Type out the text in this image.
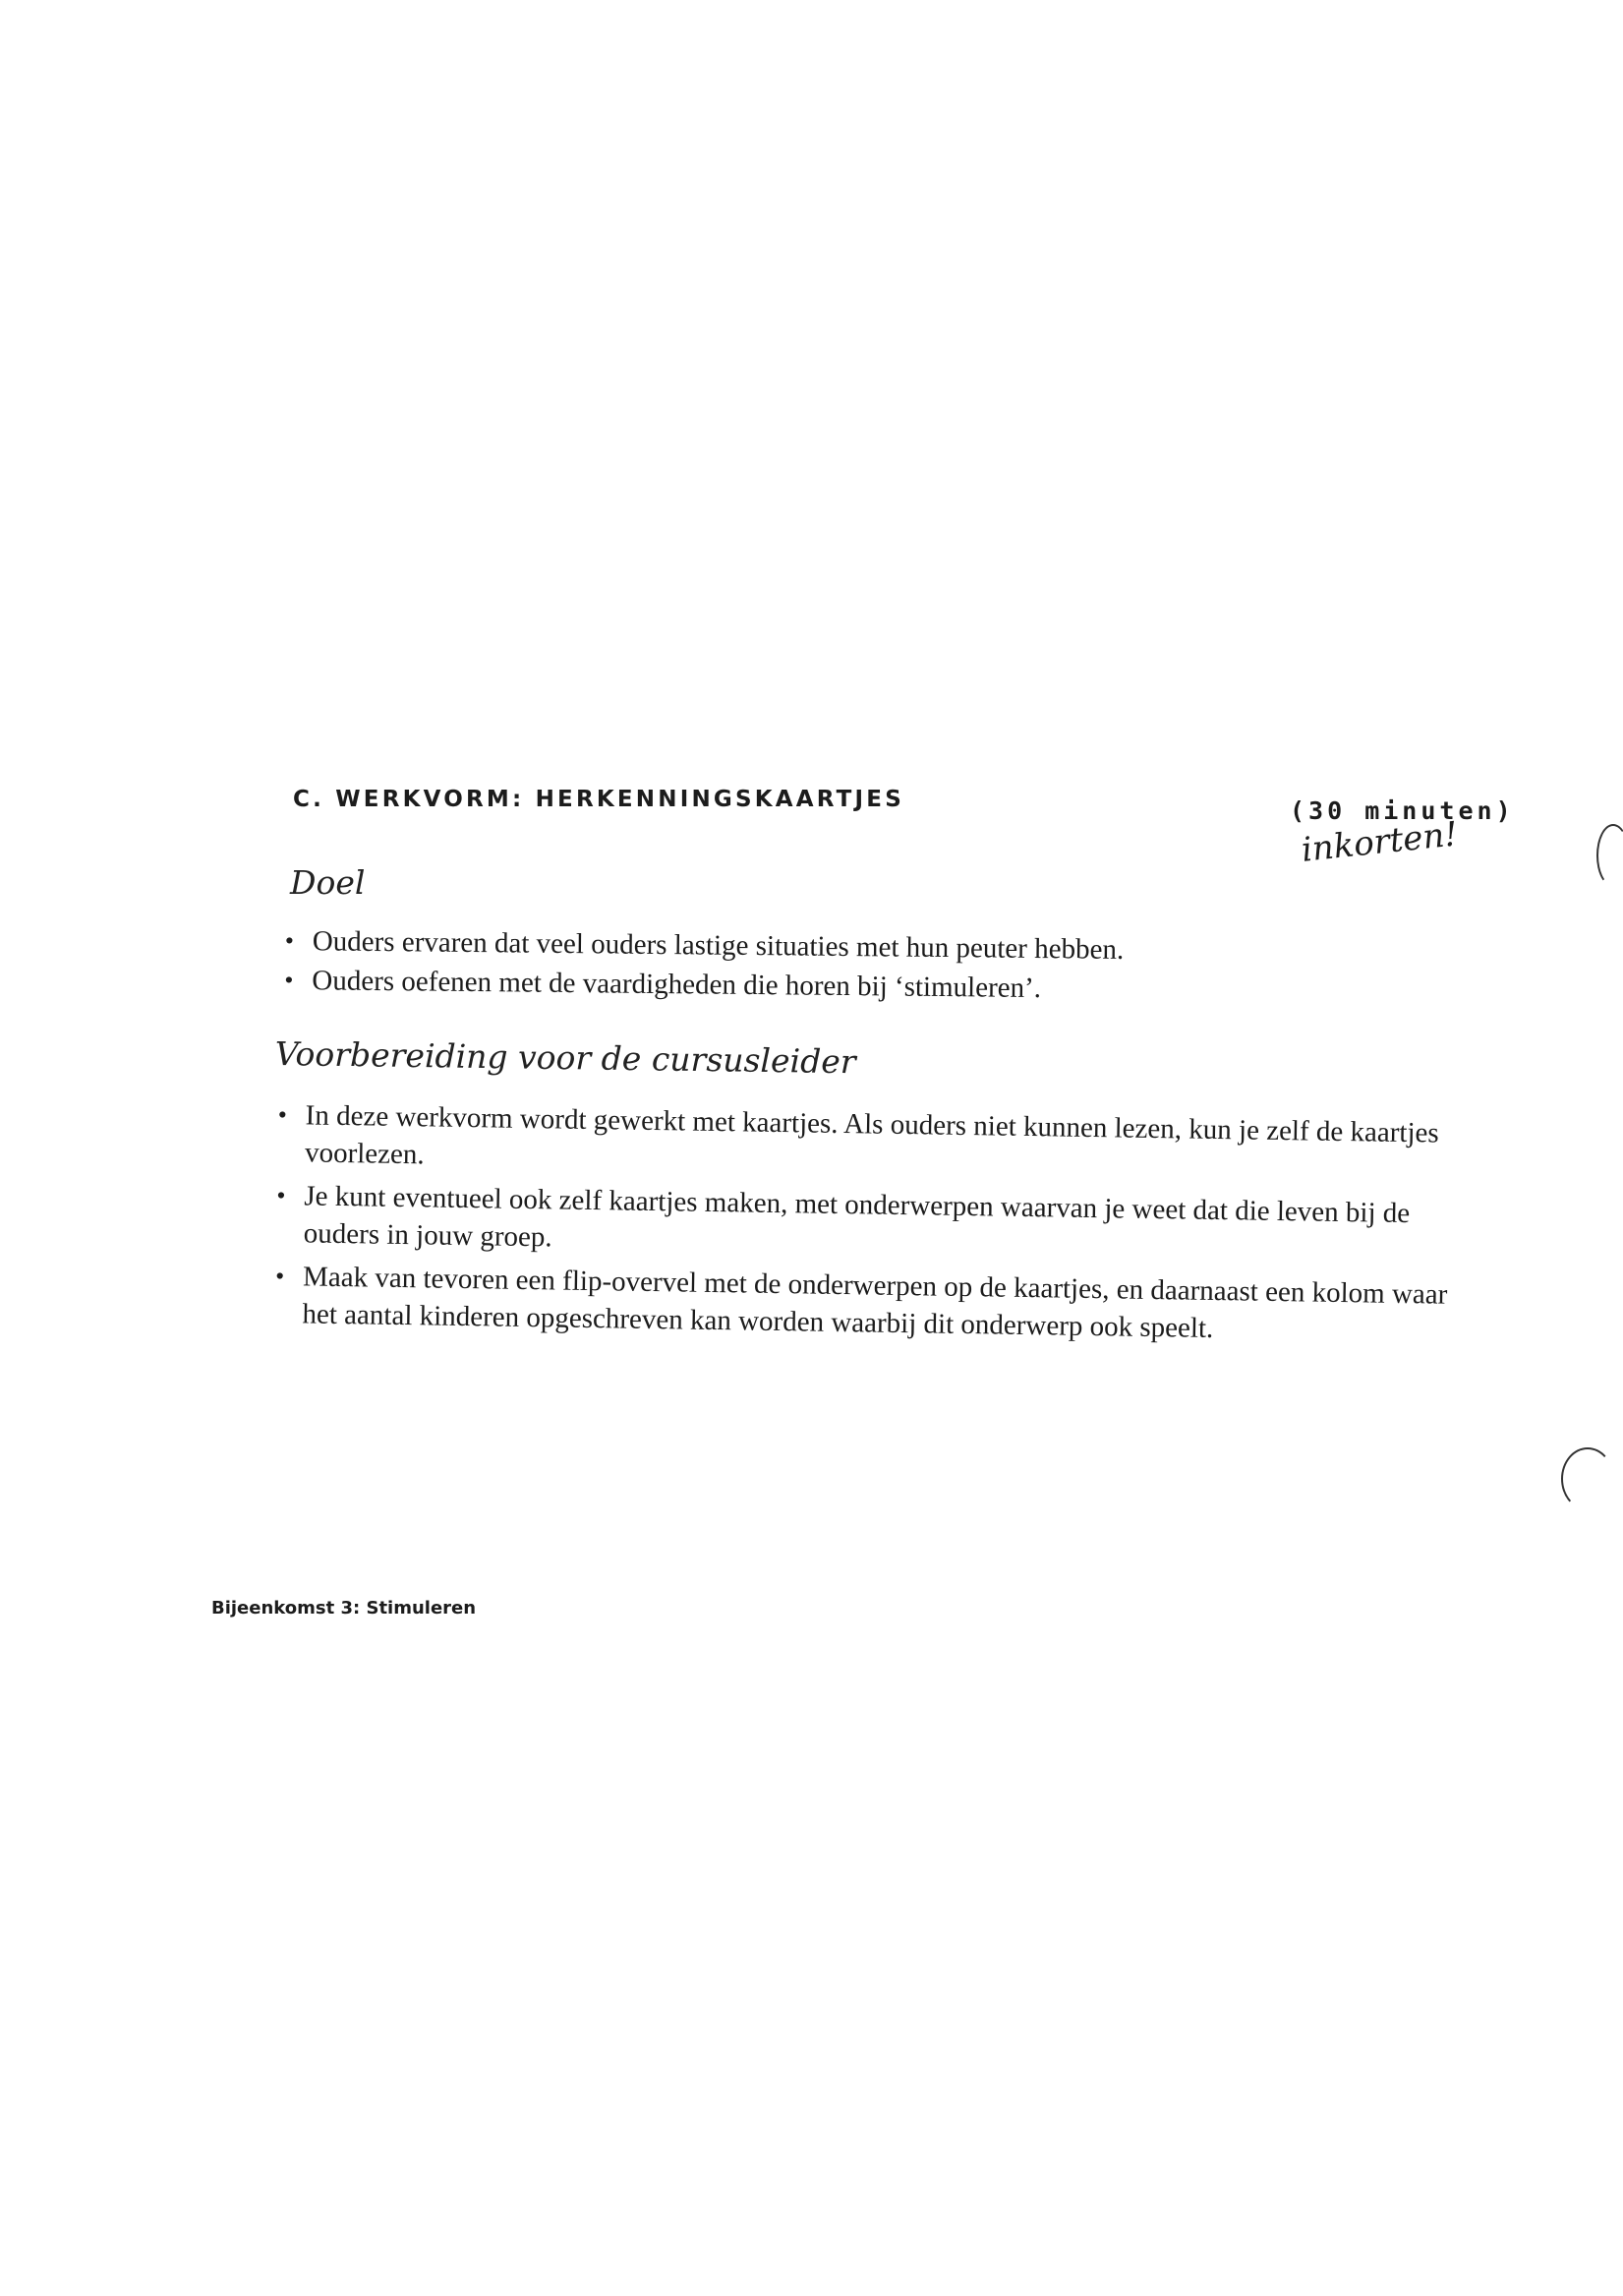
C. WERKVORM: HERKENNINGSKAARTJES	(30 minuten)
inkorten!
Doel
• Ouders ervaren dat veel ouders lastige situaties met hun peuter hebben.
• Ouders oefenen met de vaardigheden die horen bij ‘stimuleren’.
Voorbereiding voor de cursusleider
• In deze werkvorm wordt gewerkt met kaartjes. Als ouders niet kunnen lezen, kun je zelf de kaartjes voorlezen.
• Je kunt eventueel ook zelf kaartjes maken, met onderwerpen waarvan je weet dat die leven bij de ouders in jouw groep.
• Maak van tevoren een flip-overvel met de onderwerpen op de kaartjes, en daarnaast een kolom waar het aantal kinderen opgeschreven kan worden waarbij dit onderwerp ook speelt.
Bijeenkomst 3: Stimuleren
